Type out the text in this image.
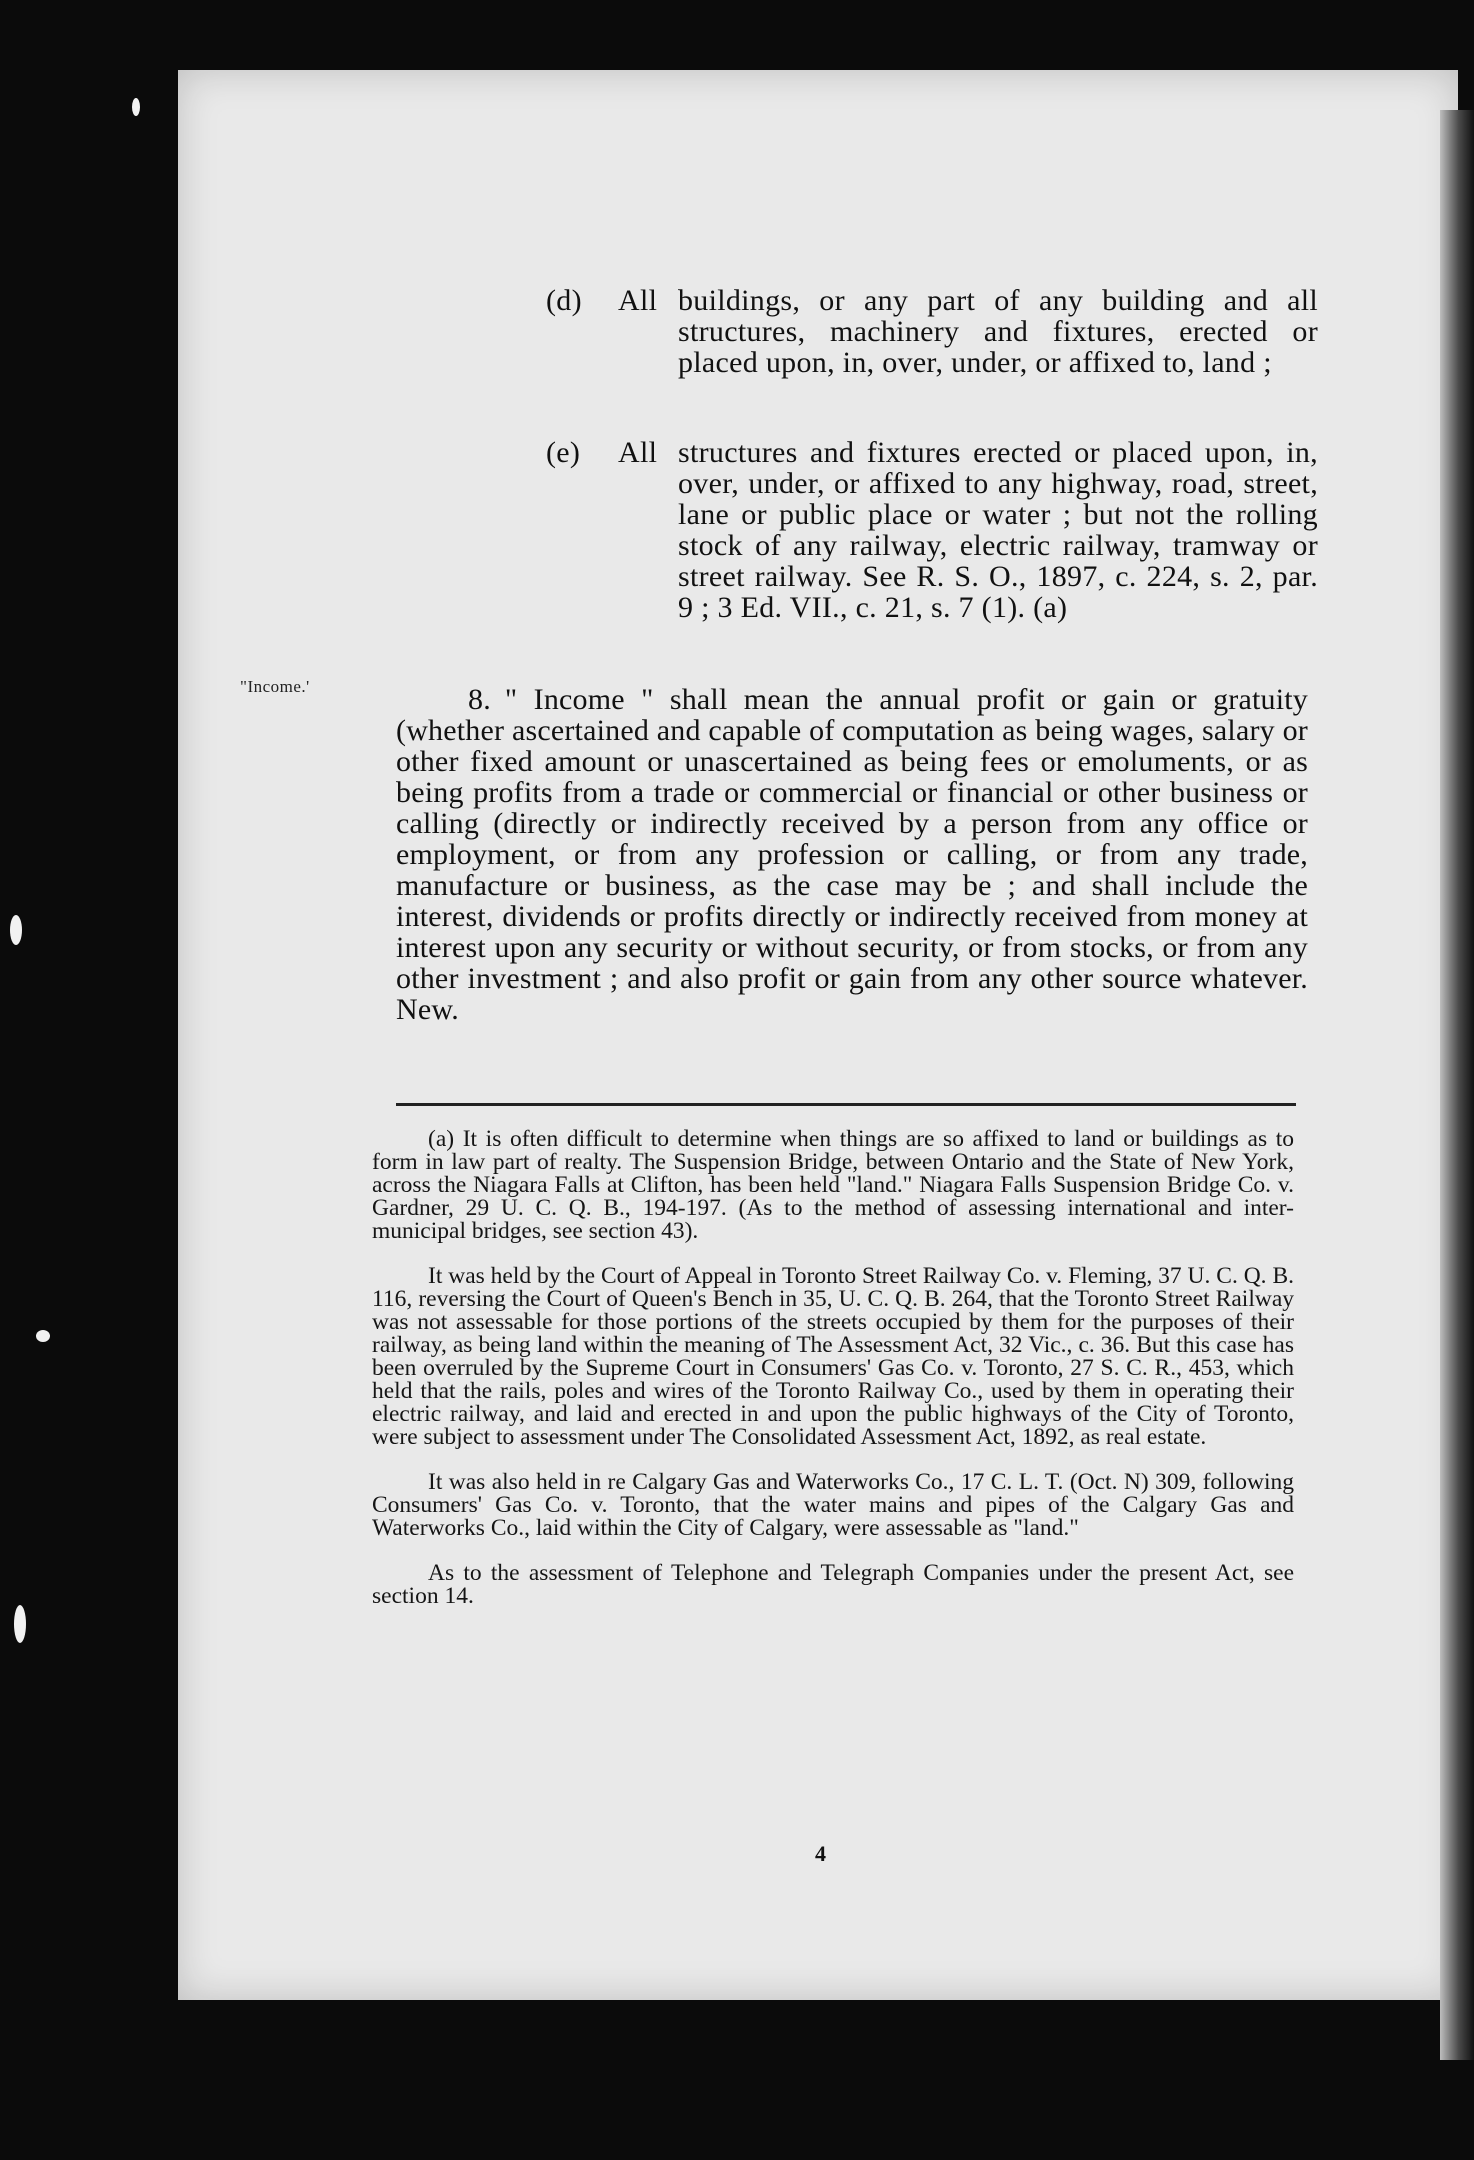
(d) All buildings, or any part of any building and all structures, machinery and fixtures, erected or placed upon, in, over, under, or affixed to, land ;
(e) All structures and fixtures erected or placed upon, in, over, under, or affixed to any highway, road, street, lane or public place or water ; but not the rolling stock of any railway, electric railway, tramway or street railway. See R. S. O., 1897, c. 224, s. 2, par. 9 ; 3 Ed. VII., c. 21, s. 7 (1). (a)
"Income.'	8. " Income " shall mean the annual profit or gain or gratuity (whether ascertained and capable of computation as being wages, salary or other fixed amount or unascertained as being fees or emoluments, or as being profits from a trade or commercial or financial or other business or calling (directly or indirectly received by a person from any office or employment, or from any profession or calling, or from any trade, manufacture or business, as the case may be ; and shall include the interest, dividends or profits directly or indirectly received from money at interest upon any security or without security, or from stocks, or from any other investment ; and also profit or gain from any other source whatever. New.

(a) It is often difficult to determine when things are so affixed to land or buildings as to form in law part of realty. The Suspension Bridge, between Ontario and the State of New York, across the Niagara Falls at Clifton, has been held "land." Niagara Falls Suspension Bridge Co. v. Gardner, 29 U. C. Q. B., 194-197. (As to the method of assessing international and inter-municipal bridges, see section 43).

It was held by the Court of Appeal in Toronto Street Railway Co. v. Fleming, 37 U. C. Q. B. 116, reversing the Court of Queen's Bench in 35, U. C. Q. B. 264, that the Toronto Street Railway was not assessable for those portions of the streets occupied by them for the purposes of their railway, as being land within the meaning of The Assessment Act, 32 Vic., c. 36. But this case has been overruled by the Supreme Court in Consumers' Gas Co. v. Toronto, 27 S. C. R., 453, which held that the rails, poles and wires of the Toronto Railway Co., used by them in operating their electric railway, and laid and erected in and upon the public highways of the City of Toronto, were subject to assessment under The Consolidated Assessment Act, 1892, as real estate.

It was also held in re Calgary Gas and Waterworks Co., 17 C. L. T. (Oct. N) 309, following Consumers' Gas Co. v. Toronto, that the water mains and pipes of the Calgary Gas and Waterworks Co., laid within the City of Calgary, were assessable as "land."

As to the assessment of Telephone and Telegraph Companies under the present Act, see section 14.

4
